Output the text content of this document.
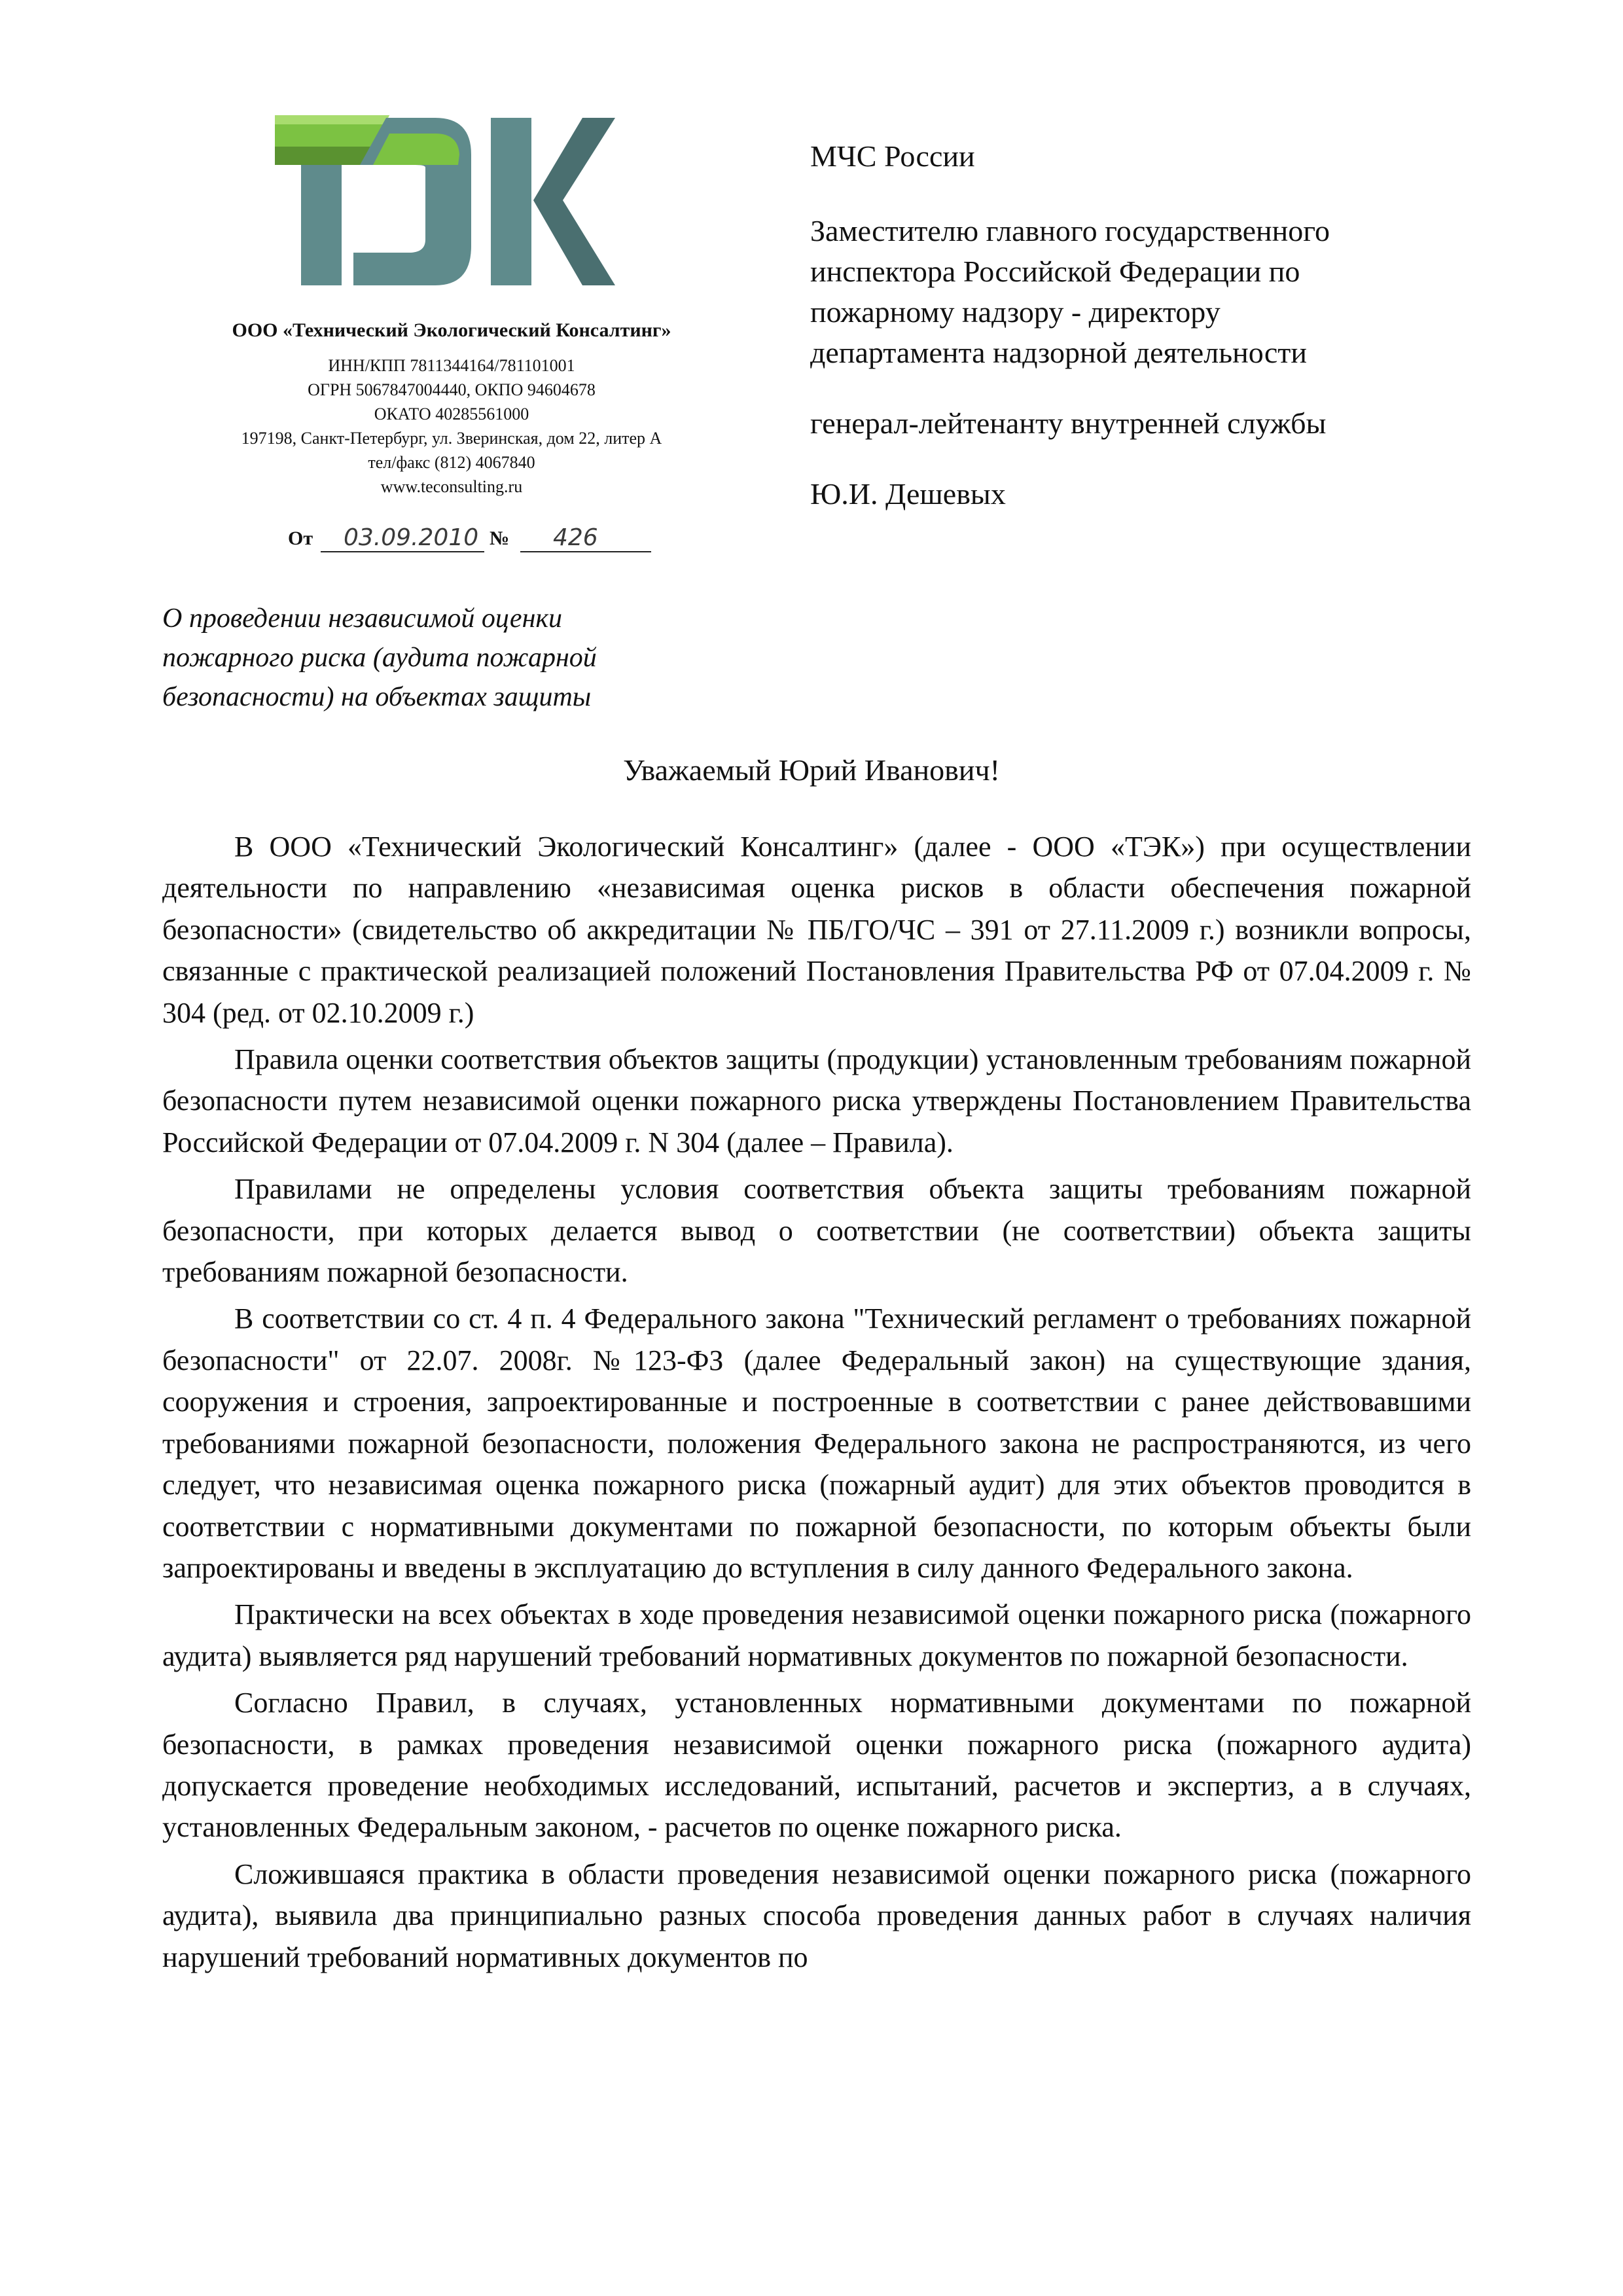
ООО «Технический Экологический Консалтинг»
ИНН/КПП 7811344164/781101001
ОГРН 5067847004440, ОКПО 94604678
ОКАТО 40285561000
197198, Санкт-Петербург, ул. Зверинская, дом 22, литер А
тел/факс (812) 4067840
www.teconsulting.ru
От 03.09.2010 № 426
МЧС России
Заместителю главного государственного
инспектора Российской Федерации по
пожарному надзору - директору
департамента надзорной деятельности
генерал-лейтенанту внутренней службы
Ю.И. Дешевых
О проведении независимой оценки
пожарного риска (аудита пожарной
безопасности) на объектах защиты
Уважаемый Юрий Иванович!

В ООО «Технический Экологический Консалтинг» (далее - ООО «ТЭК») при осуществлении деятельности по направлению «независимая оценка рисков в области обеспечения пожарной безопасности» (свидетельство об аккредитации № ПБ/ГО/ЧС – 391 от 27.11.2009 г.) возникли вопросы, связанные с практической реализацией положений Постановления Правительства РФ от 07.04.2009 г. № 304 (ред. от 02.10.2009 г.)

Правила оценки соответствия объектов защиты (продукции) установленным требованиям пожарной безопасности путем независимой оценки пожарного риска утверждены Постановлением Правительства Российской Федерации от 07.04.2009 г. N 304 (далее – Правила).

Правилами не определены условия соответствия объекта защиты требованиям пожарной безопасности, при которых делается вывод о соответствии (не соответствии) объекта защиты требованиям пожарной безопасности.

В соответствии со ст. 4 п. 4 Федерального закона "Технический регламент о требованиях пожарной безопасности" от 22.07. 2008г. №123-ФЗ (далее Федеральный закон) на существующие здания, сооружения и строения, запроектированные и построенные в соответствии с ранее действовавшими требованиями пожарной безопасности, положения Федерального закона не распространяются, из чего следует, что независимая оценка пожарного риска (пожарный аудит) для этих объектов проводится в соответствии с нормативными документами по пожарной безопасности, по которым объекты были запроектированы и введены в эксплуатацию до вступления в силу данного Федерального закона.

Практически на всех объектах в ходе проведения независимой оценки пожарного риска (пожарного аудита) выявляется ряд нарушений требований нормативных документов по пожарной безопасности.

Согласно Правил, в случаях, установленных нормативными документами по пожарной безопасности, в рамках проведения независимой оценки пожарного риска (пожарного аудита) допускается проведение необходимых исследований, испытаний, расчетов и экспертиз, а в случаях, установленных Федеральным законом, - расчетов по оценке пожарного риска.

Сложившаяся практика в области проведения независимой оценки пожарного риска (пожарного аудита), выявила два принципиально разных способа проведения данных работ в случаях наличия нарушений требований нормативных документов по
